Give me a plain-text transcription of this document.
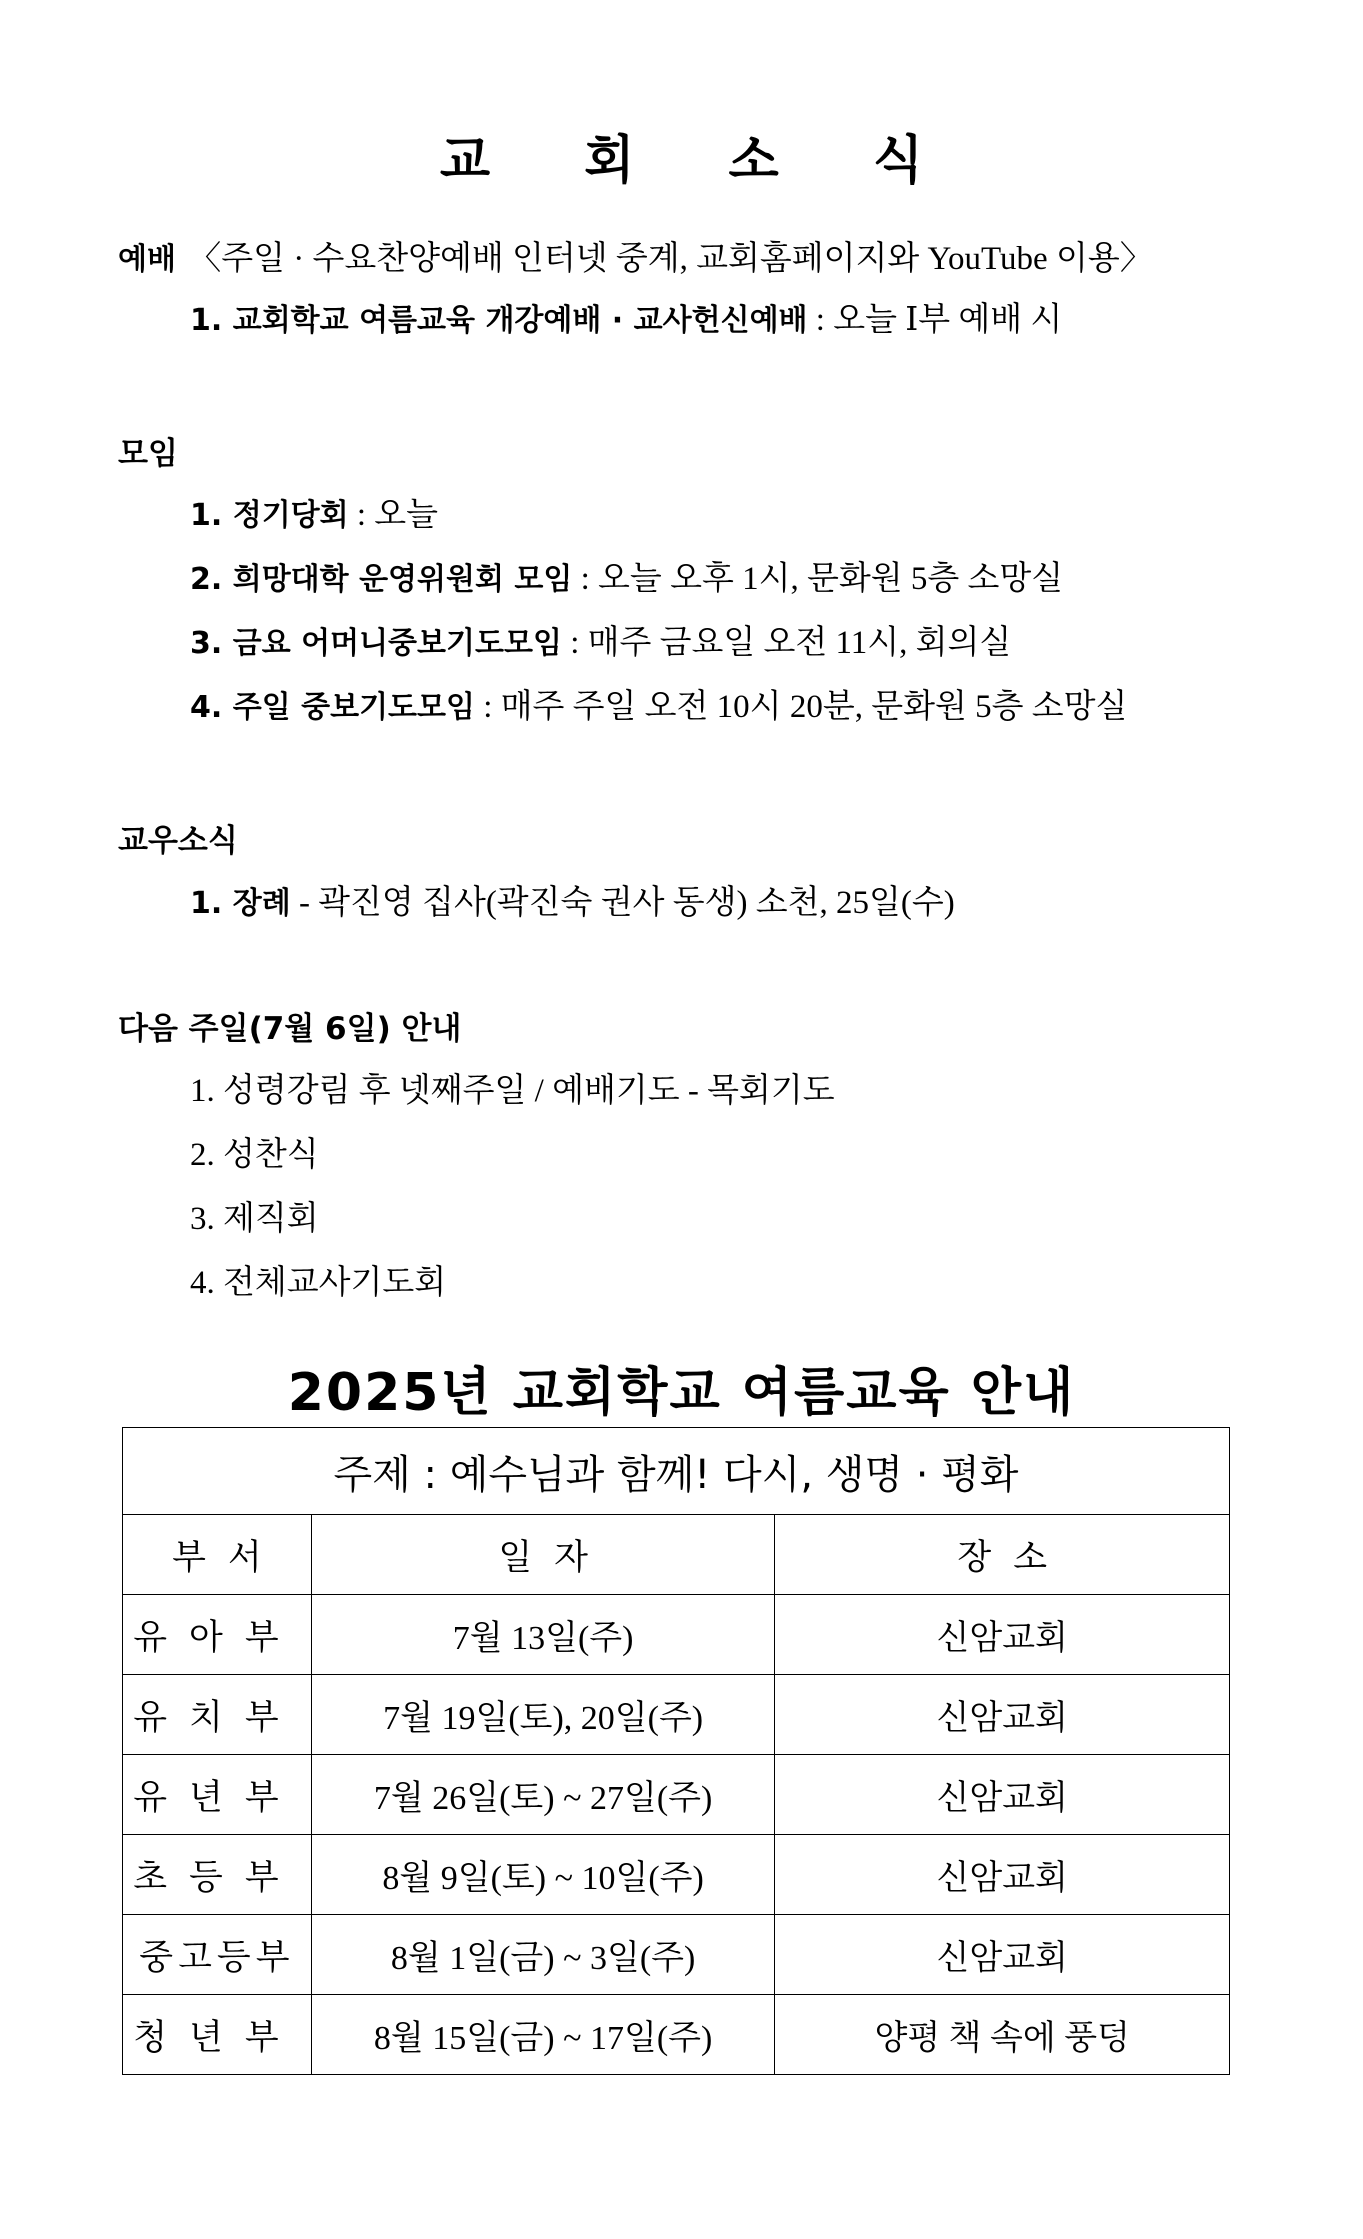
교 회 소 식
예배 〈주일 · 수요찬양예배 인터넷 중계, 교회홈페이지와 YouTube 이용〉
1. 교회학교 여름교육 개강예배 · 교사헌신예배 : 오늘 Ⅰ부 예배 시
모임
1. 정기당회 : 오늘
2. 희망대학 운영위원회 모임 : 오늘 오후 1시, 문화원 5층 소망실
3. 금요 어머니중보기도모임 : 매주 금요일 오전 11시, 회의실
4. 주일 중보기도모임 : 매주 주일 오전 10시 20분, 문화원 5층 소망실
교우소식
1. 장례 - 곽진영 집사(곽진숙 권사 동생) 소천, 25일(수)
다음 주일(7월 6일) 안내
1. 성령강림 후 넷째주일 / 예배기도 - 목회기도
2. 성찬식
3. 제직회
4. 전체교사기도회
2025년 교회학교 여름교육 안내
주제 : 예수님과 함께! 다시, 생명 · 평화		
부서	일자	장소
유아부	7월 13일(주)	신암교회
유치부	7월 19일(토), 20일(주)	신암교회
유년부	7월 26일(토) ~ 27일(주)	신암교회
초등부	8월 9일(토) ~ 10일(주)	신암교회
중고등부	8월 1일(금) ~ 3일(주)	신암교회
청년부	8월 15일(금) ~ 17일(주)	양평 책 속에 풍덩
